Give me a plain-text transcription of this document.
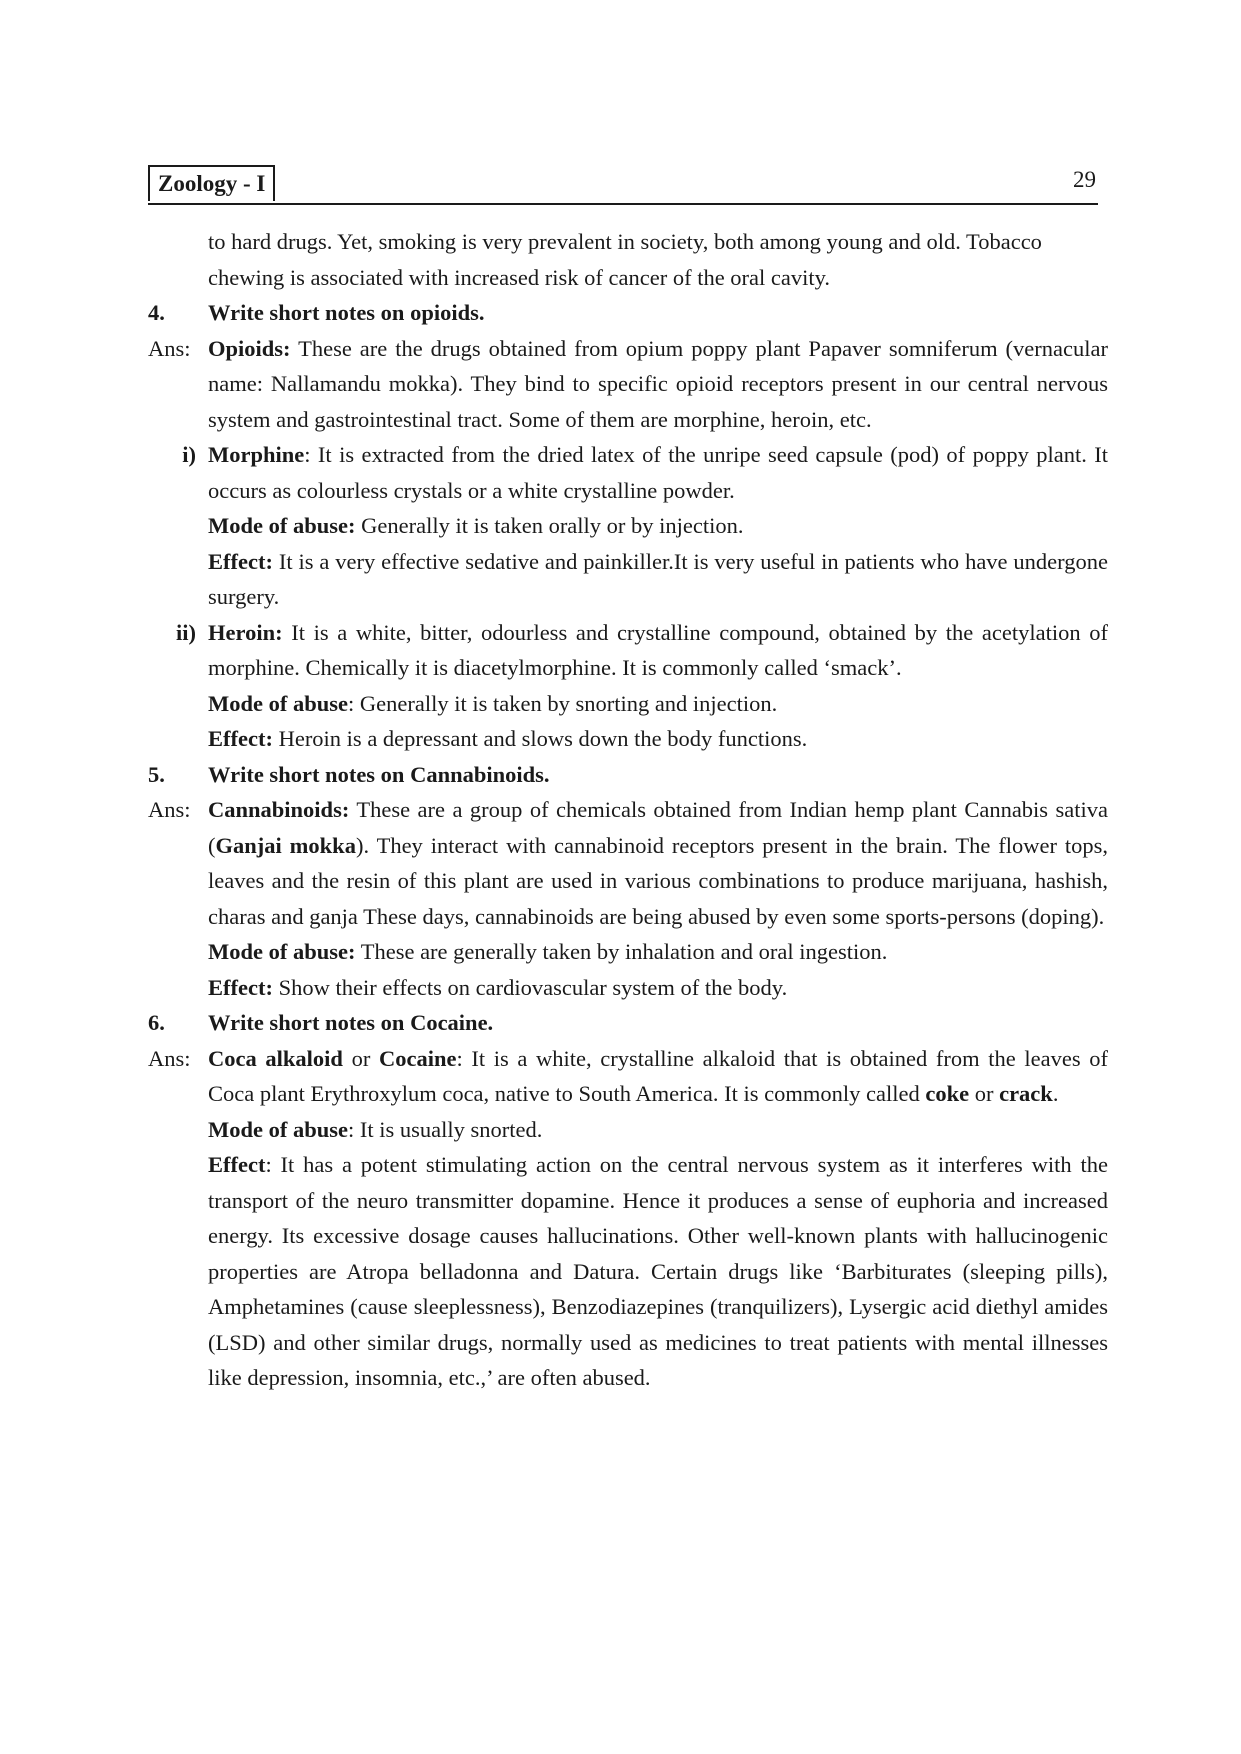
Zoology - I	29
to hard drugs. Yet, smoking is very prevalent in society, both among young and old. Tobacco
chewing is associated with increased risk of cancer of the oral cavity.
4.	Write short notes on opioids.
Ans: Opioids: These are the drugs obtained from opium poppy plant Papaver somniferum (vernacular name: Nallamandu mokka). They bind to specific opioid receptors present in our central nervous system and gastrointestinal tract. Some of them are morphine, heroin, etc.
i) Morphine: It is extracted from the dried latex of the unripe seed capsule (pod) of poppy plant. It occurs as colourless crystals or a white crystalline powder.
Mode of abuse: Generally it is taken orally or by injection.
Effect: It is a very effective sedative and painkiller.It is very useful in patients who have undergone surgery.
ii) Heroin: It is a white, bitter, odourless and crystalline compound, obtained by the acetylation of morphine. Chemically it is diacetylmorphine. It is commonly called ‘smack’.
Mode of abuse: Generally it is taken by snorting and injection.
Effect: Heroin is a depressant and slows down the body functions.
5.	Write short notes on Cannabinoids.
Ans: Cannabinoids: These are a group of chemicals obtained from Indian hemp plant Cannabis sativa (Ganjai mokka). They interact with cannabinoid receptors present in the brain. The flower tops, leaves and the resin of this plant are used in various combinations to produce marijuana, hashish, charas and ganja These days, cannabinoids are being abused by even some sports-persons (doping).
Mode of abuse: These are generally taken by inhalation and oral ingestion.
Effect: Show their effects on cardiovascular system of the body.
6.	Write short notes on Cocaine.
Ans: Coca alkaloid or Cocaine: It is a white, crystalline alkaloid that is obtained from the leaves of Coca plant Erythroxylum coca, native to South America. It is commonly called coke or crack.
Mode of abuse: It is usually snorted.
Effect: It has a potent stimulating action on the central nervous system as it interferes with the transport of the neuro transmitter dopamine. Hence it produces a sense of euphoria and increased energy. Its excessive dosage causes hallucinations. Other well-known plants with hallucinogenic properties are Atropa belladonna and Datura. Certain drugs like ‘Barbiturates (sleeping pills), Amphetamines (cause sleeplessness), Benzodiazepines (tranquilizers), Lysergic acid diethyl amides (LSD) and other similar drugs, normally used as medicines to treat patients with mental illnesses like depression, insomnia, etc.,’ are often abused.
